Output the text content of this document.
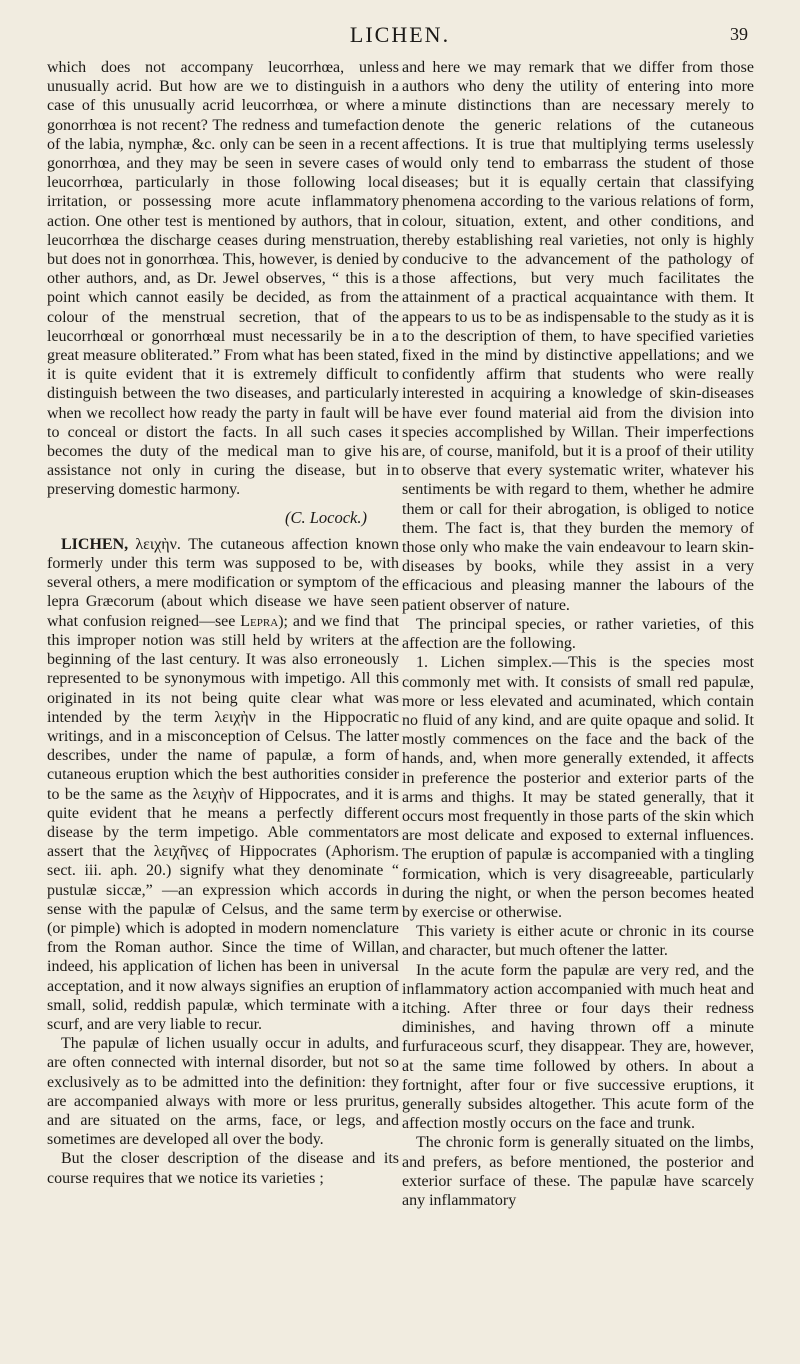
LICHEN.	39

which does not accompany leucorrhœa, unless unusually acrid. But how are we to distinguish in a case of this unusually acrid leucorrhœa, or where a gonorrhœa is not recent? The redness and tumefaction of the labia, nymphæ, &c. only can be seen in a recent gonorrhœa, and they may be seen in severe cases of leucorrhœa, particularly in those following local irritation, or possessing more acute inflammatory action. One other test is mentioned by authors, that in leucorrhœa the discharge ceases during menstruation, but does not in gonorrhœa. This, however, is denied by other authors, and, as Dr. Jewel observes, “ this is a point which cannot easily be decided, as from the colour of the menstrual secretion, that of the leucorrhœal or gonorrhœal must necessarily be in a great measure obliterated.” From what has been stated, it is quite evident that it is extremely difficult to distinguish between the two diseases, and particularly when we recollect how ready the party in fault will be to conceal or distort the facts. In all such cases it becomes the duty of the medical man to give his assistance not only in curing the disease, but in preserving domestic harmony.

(C. Locock.)

LICHEN, λειχὴν. The cutaneous affection known formerly under this term was supposed to be, with several others, a mere modification or symptom of the lepra Græcorum (about which disease we have seen what confusion reigned—see Lepra); and we find that this improper notion was still held by writers at the beginning of the last century. It was also erroneously represented to be synonymous with impetigo. All this originated in its not being quite clear what was intended by the term λειχὴν in the Hippocratic writings, and in a misconception of Celsus. The latter describes, under the name of papulæ, a form of cutaneous eruption which the best authorities consider to be the same as the λειχὴν of Hippocrates, and it is quite evident that he means a perfectly different disease by the term impetigo. Able commentators assert that the λειχῆνες of Hippocrates (Aphorism. sect. iii. aph. 20.) signify what they denominate “ pustulæ siccæ,” —an expression which accords in sense with the papulæ of Celsus, and the same term (or pimple) which is adopted in modern nomenclature from the Roman author. Since the time of Willan, indeed, his application of lichen has been in universal acceptation, and it now always signifies an eruption of small, solid, reddish papulæ, which terminate with a scurf, and are very liable to recur.

The papulæ of lichen usually occur in adults, and are often connected with internal disorder, but not so exclusively as to be admitted into the definition: they are accompanied always with more or less pruritus, and are situated on the arms, face, or legs, and sometimes are developed all over the body.

But the closer description of the disease and its course requires that we notice its varieties ;

and here we may remark that we differ from those authors who deny the utility of entering into more minute distinctions than are necessary merely to denote the generic relations of the cutaneous affections. It is true that multiplying terms uselessly would only tend to embarrass the student of those diseases; but it is equally certain that classifying phenomena according to the various relations of form, colour, situation, extent, and other conditions, and thereby establishing real varieties, not only is highly conducive to the advancement of the pathology of those affections, but very much facilitates the attainment of a practical acquaintance with them. It appears to us to be as indispensable to the study as it is to the description of them, to have specified varieties fixed in the mind by distinctive appellations; and we confidently affirm that students who were really interested in acquiring a knowledge of skin-diseases have ever found material aid from the division into species accomplished by Willan. Their imperfections are, of course, manifold, but it is a proof of their utility to observe that every systematic writer, whatever his sentiments be with regard to them, whether he admire them or call for their abrogation, is obliged to notice them. The fact is, that they burden the memory of those only who make the vain endeavour to learn skin-diseases by books, while they assist in a very efficacious and pleasing manner the labours of the patient observer of nature.

The principal species, or rather varieties, of this affection are the following.

1. Lichen simplex.—This is the species most commonly met with. It consists of small red papulæ, more or less elevated and acuminated, which contain no fluid of any kind, and are quite opaque and solid. It mostly commences on the face and the back of the hands, and, when more generally extended, it affects in preference the posterior and exterior parts of the arms and thighs. It may be stated generally, that it occurs most frequently in those parts of the skin which are most delicate and exposed to external influences. The eruption of papulæ is accompanied with a tingling formication, which is very disagreeable, particularly during the night, or when the person becomes heated by exercise or otherwise.

This variety is either acute or chronic in its course and character, but much oftener the latter.

In the acute form the papulæ are very red, and the inflammatory action accompanied with much heat and itching. After three or four days their redness diminishes, and having thrown off a minute furfuraceous scurf, they disappear. They are, however, at the same time followed by others. In about a fortnight, after four or five successive eruptions, it generally subsides altogether. This acute form of the affection mostly occurs on the face and trunk.

The chronic form is generally situated on the limbs, and prefers, as before mentioned, the posterior and exterior surface of these. The papulæ have scarcely any inflammatory
